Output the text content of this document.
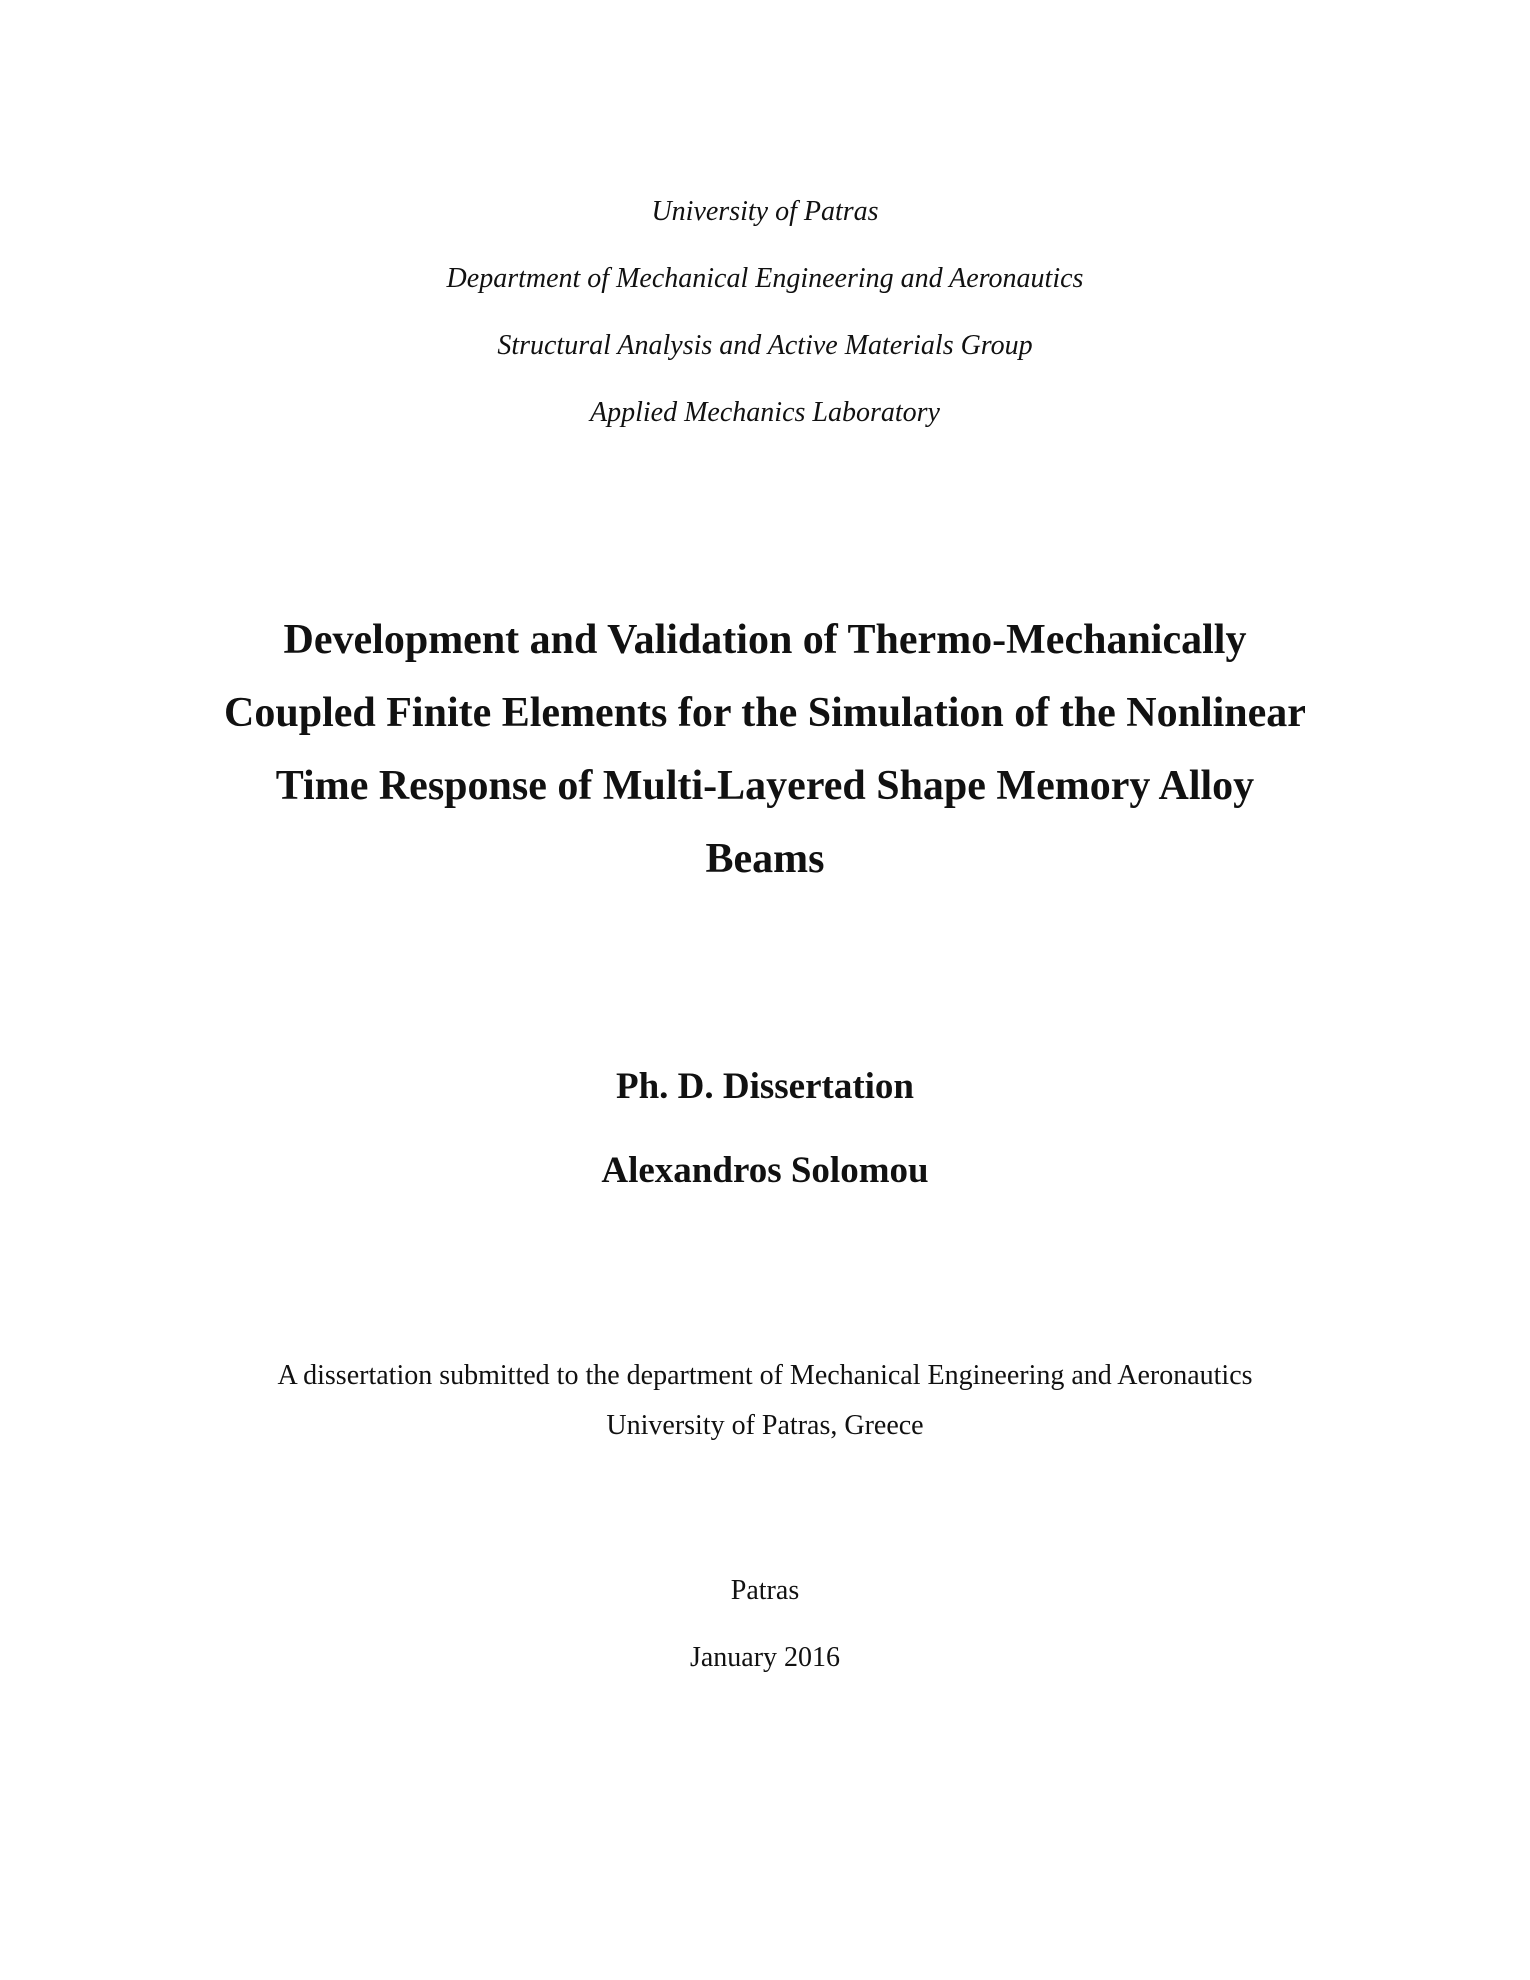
University of Patras
Department of Mechanical Engineering and Aeronautics
Structural Analysis and Active Materials Group
Applied Mechanics Laboratory
Development and Validation of Thermo-Mechanically
Coupled Finite Elements for the Simulation of the Nonlinear
Time Response of Multi-Layered Shape Memory Alloy
Beams
Ph. D. Dissertation
Alexandros Solomou
A dissertation submitted to the department of Mechanical Engineering and Aeronautics
University of Patras, Greece
Patras
January 2016
